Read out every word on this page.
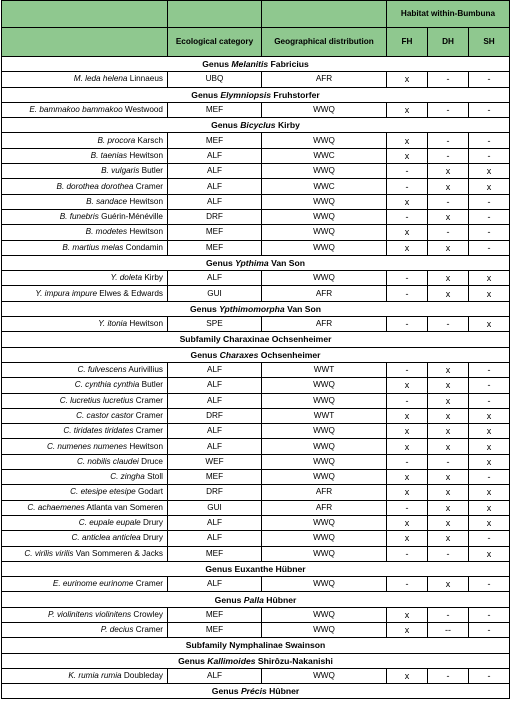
			Habitat within-Bumbuna		
	Ecological category	Geographical distribution	FH	DH	SH
Genus Melanitis Fabricius					
M. leda helena Linnaeus	UBQ	AFR	x	-	-
Genus Elymniopsis Fruhstorfer					
E. bammakoo bammakoo Westwood	MEF	WWQ	x	-	-
Genus Bicyclus Kirby					
B. procora Karsch	MEF	WWQ	x	-	-
B. taenias Hewitson	ALF	WWC	x	-	-
B. vulgaris Butler	ALF	WWQ	-	x	x
B. dorothea dorothea Cramer	ALF	WWC	-	x	x
B. sandace Hewitson	ALF	WWQ	x	-	-
B. funebris Guérin-Ménéville	DRF	WWQ	-	x	-
B. modetes Hewitson	MEF	WWQ	x	-	-
B. martius melas Condamin	MEF	WWQ	x	x	-
Genus Ypthima Van Son					
Y. doleta Kirby	ALF	WWQ	-	x	x
Y. impura impure Elwes & Edwards	GUI	AFR	-	x	x
Genus Ypthimomorpha Van Son					
Y. itonia Hewitson	SPE	AFR	-	-	x
Subfamily Charaxinae Ochsenheimer					
Genus Charaxes Ochsenheimer					
C. fulvescens Aurivillius	ALF	WWT	-	x	-
C. cynthia cynthia Butler	ALF	WWQ	x	x	-
C. lucretius lucretius Cramer	ALF	WWQ	-	x	-
C. castor castor Cramer	DRF	WWT	x	x	x
C. tiridates tiridates Cramer	ALF	WWQ	x	x	x
C. numenes numenes Hewitson	ALF	WWQ	x	x	x
C. nobilis claudei Druce	WEF	WWQ	-	-	x
C. zingha Stoll	MEF	WWQ	x	x	-
C. etesipe etesipe Godart	DRF	AFR	x	x	x
C. achaemenes Atlanta van Someren	GUI	AFR	-	x	x
C. eupale eupale Drury	ALF	WWQ	x	x	x
C. anticlea anticlea Drury	ALF	WWQ	x	x	-
C. virilis virilis Van Sommeren & Jacks	MEF	WWQ	-	-	x
Genus Euxanthe Hübner					
E. eurinome eurinome Cramer	ALF	WWQ	-	x	-
Genus Palla Hûbner					
P. violinitens violinitens Crowley	MEF	WWQ	x	-	-
P. decius Cramer	MEF	WWQ	x	--	-
Subfamily Nymphalinae Swainson					
Genus Kallimoides Shirôzu-Nakanishi					
K. rumia rumia Doubleday	ALF	WWQ	x	-	-
Genus Précis Hûbner					
